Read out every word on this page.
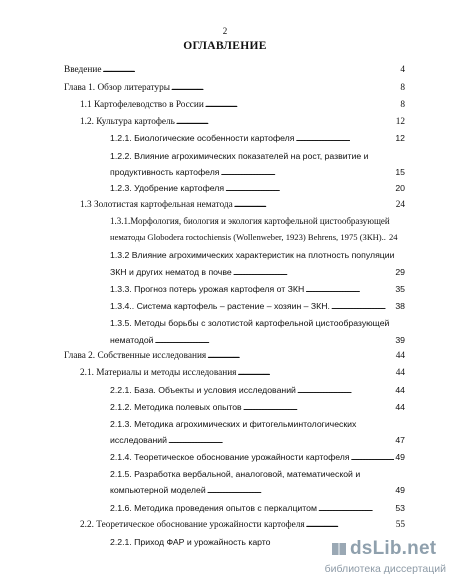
2
ОГЛАВЛЕНИЕ
Введение . . .	4
Глава 1. Обзор литературы . . .	8
1.1 Картофелеводство в России . . .	8
1.2. Культура картофель . . .	12
1.2.1. Биологические особенности картофеля . . .	12
1.2.2. Влияние агрохимических показателей на рост, развитие и
продуктивность картофеля . . .	15
1.2.3. Удобрение картофеля . . .	20
1.3 Золотистая картофельная нематода . . .	24
1.3.1.Морфология, биология и экология картофельной цистообразующей
нематоды Globodera roctochiensis (Wollenweber, 1923) Behrens, 1975 (ЗКН).. 24
1.3.2 Влияние агрохимических характеристик на плотность популяции
ЗКН и других нематод в почве . . .	29
1.3.3. Прогноз потерь урожая картофеля от ЗКН . . .	35
1.3.4.. Система картофель – растение – хозяин – ЗКН. . . .	38
1.3.5. Методы борьбы с золотистой картофельной цистообразующей
нематодой . . .	39
Глава 2. Собственные исследования . . .	44
2.1. Материалы и методы исследования . . .	44
2.2.1. База. Объекты и условия исследований . . .	44
2.1.2. Методика полевых опытов . . .	44
2.1.3. Методика агрохимических и фитогельминтологических
исследований . . .	47
2.1.4. Теоретическое обоснование урожайности картофеля . . .	49
2.1.5. Разработка вербальной, аналоговой, математической и
компьютерной моделей . . .	49
2.1.6. Методика проведения опытов с перкалцитом . . .	53
2.2. Теоретическое обоснование урожайности картофеля . . .	55
2.2.1. Приход ФАР и урожайность карто	dsLib.net
библиотека диссертаций
